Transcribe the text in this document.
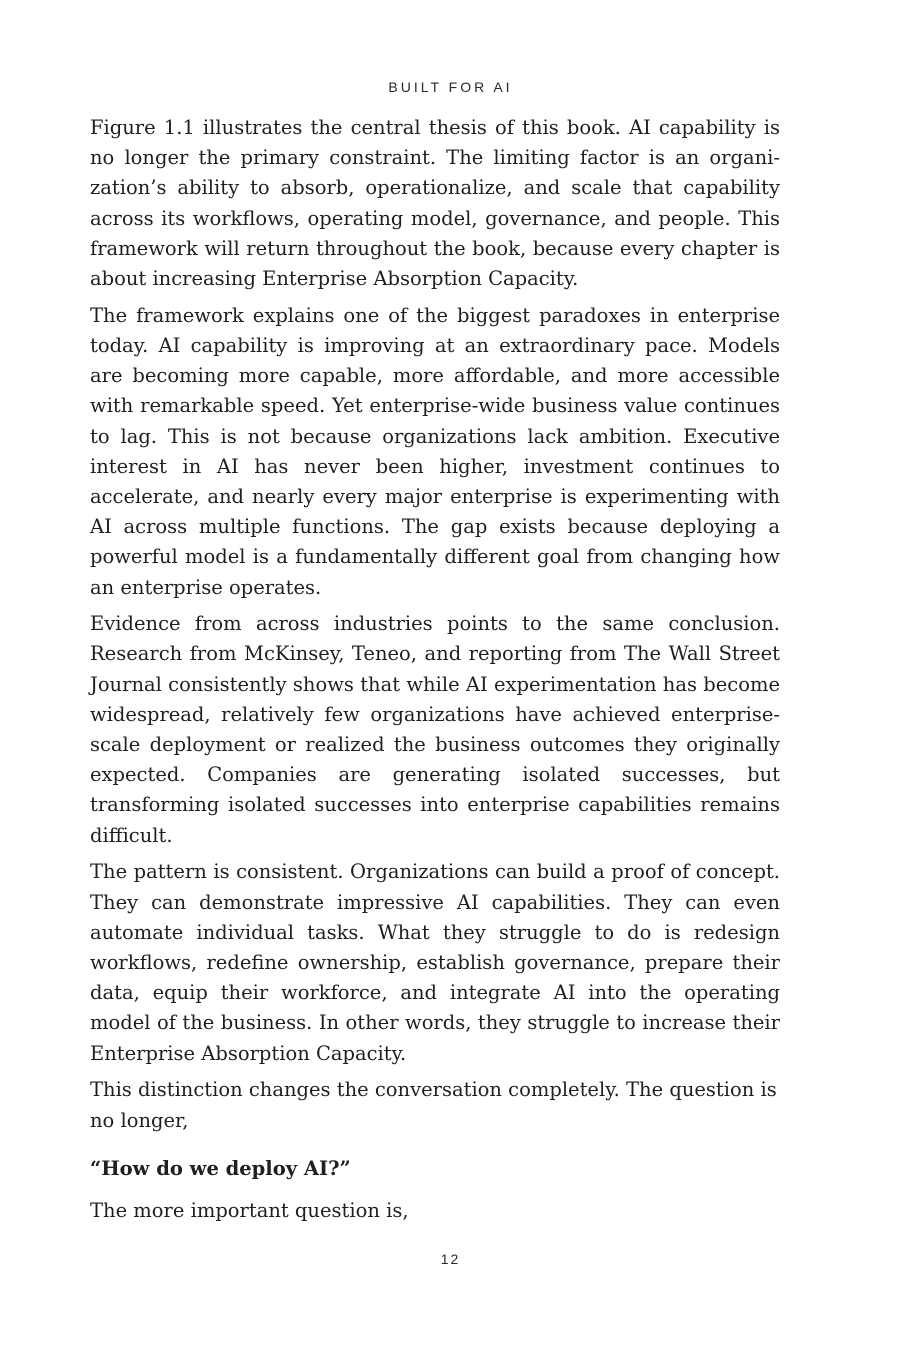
BUILT FOR AI

Figure 1.1 illustrates the central thesis of this book. AI capability is no longer the primary constraint. The limiting factor is an organization’s ability to absorb, operationalize, and scale that capability across its workflows, operating model, governance, and people. This framework will return throughout the book, because every chapter is about increasing Enterprise Absorption Capacity.

The framework explains one of the biggest paradoxes in enterprise today. AI capability is improving at an extraordinary pace. Models are becoming more capable, more affordable, and more accessible with remarkable speed. Yet enterprise-wide business value continues to lag. This is not because organizations lack ambition. Executive interest in AI has never been higher, investment continues to accelerate, and nearly every major enterprise is experimenting with AI across multiple functions. The gap exists because deploying a powerful model is a fundamentally different goal from changing how an enterprise operates.

Evidence from across industries points to the same conclusion. Research from McKinsey, Teneo, and reporting from The Wall Street Journal consistently shows that while AI experimentation has become widespread, relatively few organizations have achieved enterprise-scale deployment or realized the business outcomes they originally expected. Companies are generating isolated successes, but transforming isolated successes into enterprise capabilities remains difficult.

The pattern is consistent. Organizations can build a proof of concept. They can demonstrate impressive AI capabilities. They can even automate individual tasks. What they struggle to do is redesign workflows, redefine ownership, establish governance, prepare their data, equip their workforce, and integrate AI into the operating model of the business. In other words, they struggle to increase their Enterprise Absorption Capacity.

This distinction changes the conversation completely. The question is no longer,

“How do we deploy AI?”

The more important question is,

12
